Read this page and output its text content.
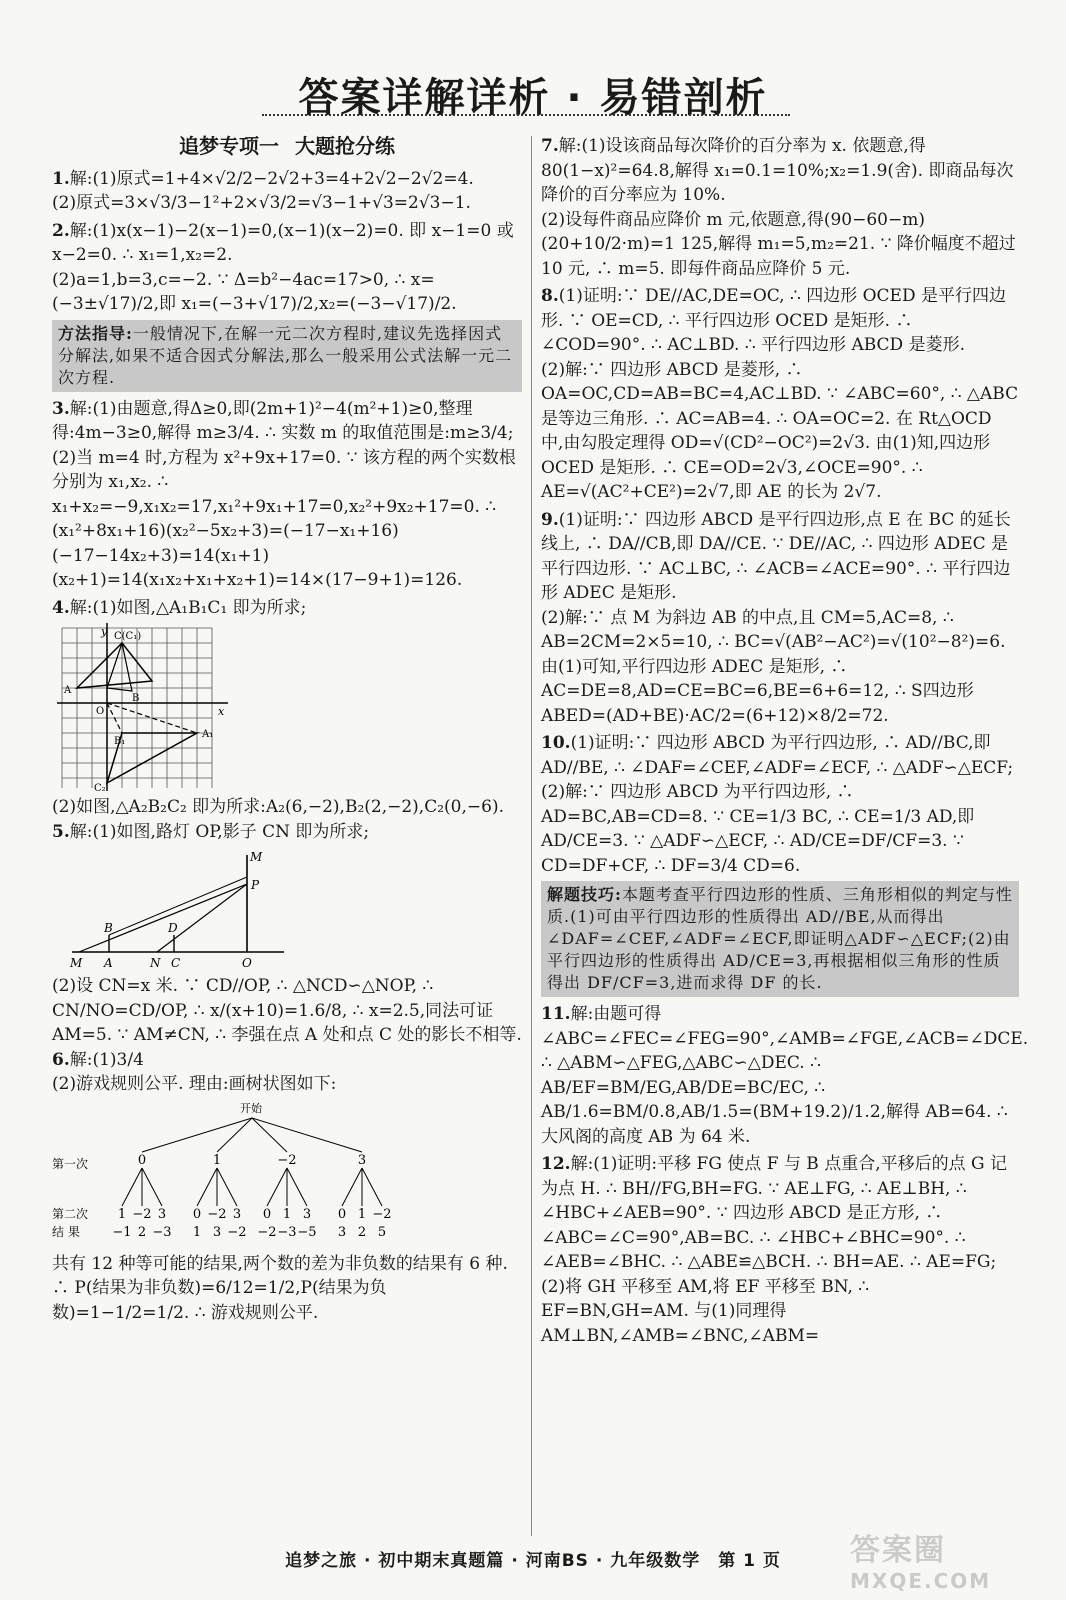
答案详解详析 · 易错剖析
追梦专项一 大题抢分练

1.解:(1)原式=1+4×√2/2−2√2+3=4+2√2−2√2=4.

(2)原式=3×√3/3−1²+2×√3/2=√3−1+√3=2√3−1.

2.解:(1)x(x−1)−2(x−1)=0,(x−1)(x−2)=0. 即 x−1=0 或 x−2=0. ∴ x₁=1,x₂=2.

(2)a=1,b=3,c=−2. ∵ Δ=b²−4ac=17>0, ∴ x=(−3±√17)/2,即 x₁=(−3+√17)/2,x₂=(−3−√17)/2.

方法指导:一般情况下,在解一元二次方程时,建议先选择因式分解法,如果不适合因式分解法,那么一般采用公式法解一元二次方程.

3.解:(1)由题意,得Δ≥0,即(2m+1)²−4(m²+1)≥0,整理得:4m−3≥0,解得 m≥3/4. ∴ 实数 m 的取值范围是:m≥3/4;

(2)当 m=4 时,方程为 x²+9x+17=0. ∵ 该方程的两个实数根分别为 x₁,x₂. ∴ x₁+x₂=−9,x₁x₂=17,x₁²+9x₁+17=0,x₂²+9x₂+17=0. ∴ (x₁²+8x₁+16)(x₂²−5x₂+3)=(−17−x₁+16)(−17−14x₂+3)=14(x₁+1)(x₂+1)=14(x₁x₂+x₁+x₂+1)=14×(17−9+1)=126.

4.解:(1)如图,△A₁B₁C₁ 即为所求;

y
x
C(C₁)
A
B
O
A₁
B₁
C₂

(2)如图,△A₂B₂C₂ 即为所求:A₂(6,−2),B₂(2,−2),C₂(0,−6).

5.解:(1)如图,路灯 OP,影子 CN 即为所求;

M
P
B	D
M A	N C	O

(2)设 CN=x 米. ∵ CD//OP, ∴ △NCD∽△NOP, ∴ CN/NO=CD/OP, ∴ x/(x+10)=1.6/8, ∴ x=2.5,同法可证 AM=5. ∵ AM≠CN, ∴ 李强在点 A 处和点 C 处的影长不相等.

6.解:(1)3/4

(2)游戏规则公平. 理由:画树状图如下:

开始
第一次
第二次
结 果
0
1
−1
−2
2
3
−3
1
0
1
−2
3
3
−2
−2
0
−2
1
−3
3
−5
3
0
3
1
2
−2
5

共有 12 种等可能的结果,两个数的差为非负数的结果有 6 种. ∴ P(结果为非负数)=6/12=1/2,P(结果为负数)=1−1/2=1/2. ∴ 游戏规则公平.

7.解:(1)设该商品每次降价的百分率为 x. 依题意,得 80(1−x)²=64.8,解得 x₁=0.1=10%;x₂=1.9(舍). 即商品每次降价的百分率应为 10%.

(2)设每件商品应降价 m 元,依题意,得(90−60−m)(20+10/2·m)=1 125,解得 m₁=5,m₂=21. ∵ 降价幅度不超过 10 元, ∴ m=5. 即每件商品应降价 5 元.

8.(1)证明:∵ DE//AC,DE=OC, ∴ 四边形 OCED 是平行四边形. ∵ OE=CD, ∴ 平行四边形 OCED 是矩形. ∴ ∠COD=90°. ∴ AC⊥BD. ∴ 平行四边形 ABCD 是菱形.

(2)解:∵ 四边形 ABCD 是菱形, ∴ OA=OC,CD=AB=BC=4,AC⊥BD. ∵ ∠ABC=60°, ∴ △ABC 是等边三角形. ∴ AC=AB=4. ∴ OA=OC=2. 在 Rt△OCD 中,由勾股定理得 OD=√(CD²−OC²)=2√3. 由(1)知,四边形 OCED 是矩形. ∴ CE=OD=2√3,∠OCE=90°. ∴ AE=√(AC²+CE²)=2√7,即 AE 的长为 2√7.

9.(1)证明:∵ 四边形 ABCD 是平行四边形,点 E 在 BC 的延长线上, ∴ DA//CB,即 DA//CE. ∵ DE//AC, ∴ 四边形 ADEC 是平行四边形. ∵ AC⊥BC, ∴ ∠ACB=∠ACE=90°. ∴ 平行四边形 ADEC 是矩形.

(2)解:∵ 点 M 为斜边 AB 的中点,且 CM=5,AC=8, ∴ AB=2CM=2×5=10, ∴ BC=√(AB²−AC²)=√(10²−8²)=6. 由(1)可知,平行四边形 ADEC 是矩形, ∴ AC=DE=8,AD=CE=BC=6,BE=6+6=12, ∴ S四边形ABED=(AD+BE)·AC/2=(6+12)×8/2=72.

10.(1)证明:∵ 四边形 ABCD 为平行四边形, ∴ AD//BC,即 AD//BE, ∴ ∠DAF=∠CEF,∠ADF=∠ECF, ∴ △ADF∽△ECF;

(2)解:∵ 四边形 ABCD 为平行四边形, ∴ AD=BC,AB=CD=8. ∵ CE=1/3 BC, ∴ CE=1/3 AD,即 AD/CE=3. ∵ △ADF∽△ECF, ∴ AD/CE=DF/CF=3. ∵ CD=DF+CF, ∴ DF=3/4 CD=6.

解题技巧:本题考查平行四边形的性质、三角形相似的判定与性质.(1)可由平行四边形的性质得出 AD//BE,从而得出∠DAF=∠CEF,∠ADF=∠ECF,即证明△ADF∽△ECF;(2)由平行四边形的性质得出 AD/CE=3,再根据相似三角形的性质得出 DF/CF=3,进而求得 DF 的长.

11.解:由题可得∠ABC=∠FEC=∠FEG=90°,∠AMB=∠FGE,∠ACB=∠DCE. ∴ △ABM∽△FEG,△ABC∽△DEC. ∴ AB/EF=BM/EG,AB/DE=BC/EC, ∴ AB/1.6=BM/0.8,AB/1.5=(BM+19.2)/1.2,解得 AB=64. ∴ 大风阁的高度 AB 为 64 米.

12.解:(1)证明:平移 FG 使点 F 与 B 点重合,平移后的点 G 记为点 H. ∴ BH//FG,BH=FG. ∵ AE⊥FG, ∴ AE⊥BH, ∴ ∠HBC+∠AEB=90°. ∵ 四边形 ABCD 是正方形, ∴ ∠ABC=∠C=90°,AB=BC. ∴ ∠HBC+∠BHC=90°. ∴ ∠AEB=∠BHC. ∴ △ABE≌△BCH. ∴ BH=AE. ∴ AE=FG;

(2)将 GH 平移至 AM,将 EF 平移至 BN, ∴ EF=BN,GH=AM. 与(1)同理得 AM⊥BN,∠AMB=∠BNC,∠ABM=

追梦之旅 · 初中期末真题篇 · 河南BS · 九年级数学　第 1 页	答案圈
MXQE.COM
